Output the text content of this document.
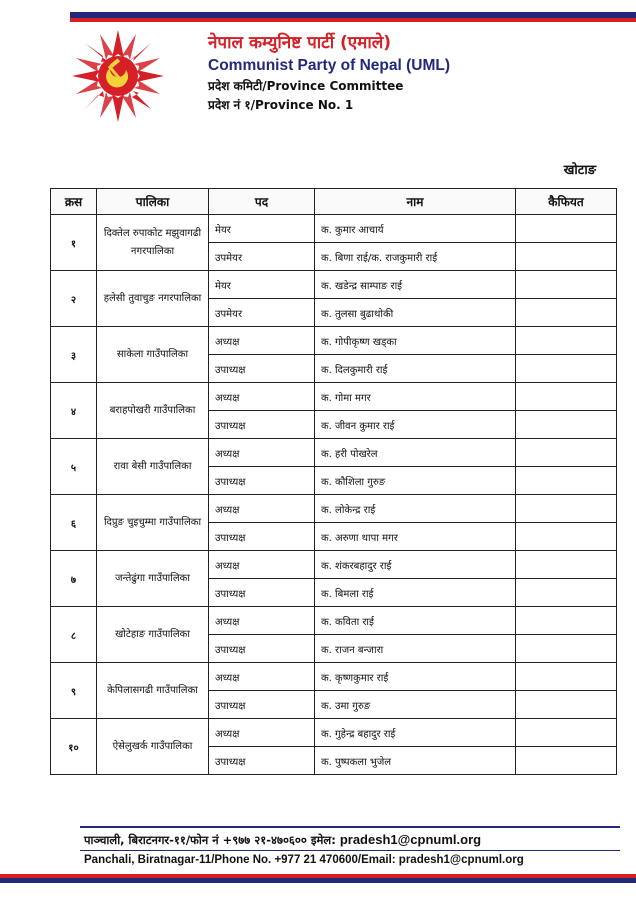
नेपाल कम्युनिष्ट पार्टी (एमाले)
Communist Party of Nepal (UML)
प्रदेश कमिटी/Province Committee
प्रदेश नं १/Province No. 1
खोटाङ
क्रस	पालिका	पद	नाम	कैफियत
१	दिक्तेल रुपाकोट मझुवागढी नगरपालिका	मेयर	क. कुमार आचार्य	
		उपमेयर	क. बिणा राई/क. राजकुमारी राई	
२	हलेसी तुवाचुङ नगरपालिका	मेयर	क. खडेन्द्र साम्पाङ राई	
		उपमेयर	क. तुलसा बुढाथोकी	
३	साकेला गाउँपालिका	अध्यक्ष	क. गोपीकृष्ण खड्का	
		उपाध्यक्ष	क. दिलकुमारी राई	
४	बराहपोखरी गाउँपालिका	अध्यक्ष	क. गोमा मगर	
		उपाध्यक्ष	क. जीवन कुमार राई	
५	रावा बेसी गाउँपालिका	अध्यक्ष	क. हरी पोखरेल	
		उपाध्यक्ष	क. कौशिला गुरुङ	
६	दिप्रुङ चुइचुम्मा गाउँपालिका	अध्यक्ष	क. लोकेन्द्र राई	
		उपाध्यक्ष	क. अरुणा थापा मगर	
७	जन्तेढुंगा गाउँपालिका	अध्यक्ष	क. शंकरबहादुर राई	
		उपाध्यक्ष	क. बिमला राई	
८	खोटेहाङ गाउँपालिका	अध्यक्ष	क. कविता राई	
		उपाध्यक्ष	क. राजन बन्जारा	
९	केपिलासगढी गाउँपालिका	अध्यक्ष	क. कृष्णकुमार राई	
		उपाध्यक्ष	क. उमा गुरुङ	
१०	ऐसेलुखर्क गाउँपालिका	अध्यक्ष	क. गुहेन्द्र बहादुर राई	
		उपाध्यक्ष	क. पुष्पकला भुजेल	
पाञ्चाली, बिराटनगर-११/फोन नं +९७७ २१-४७०६०० इमेल: pradesh1@cpnuml.org
Panchali, Biratnagar-11/Phone No. +977 21 470600/Email: pradesh1@cpnuml.org
